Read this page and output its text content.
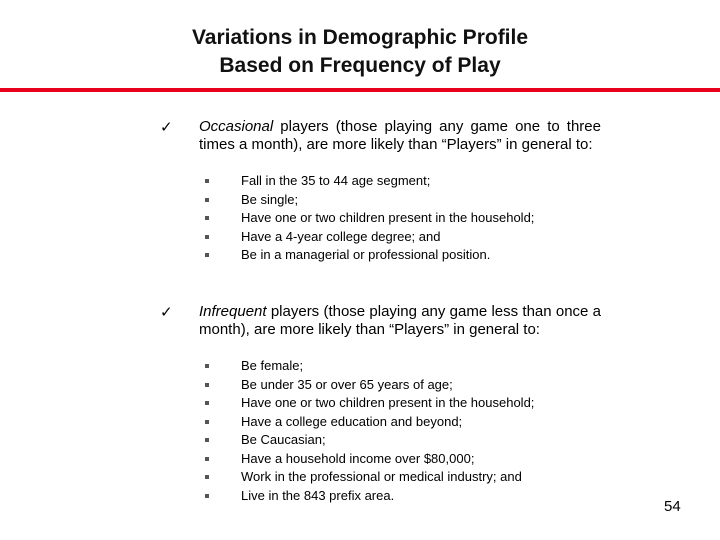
Variations in Demographic Profile
Based on Frequency of Play
✓ Occasional players (those playing any game one to three times a month), are more likely than “Players” in general to:
Fall in the 35 to 44 age segment;
Be single;
Have one or two children present in the household;
Have a 4-year college degree; and
Be in a managerial or professional position.
✓ Infrequent players (those playing any game less than once a month), are more likely than “Players” in general to:
Be female;
Be under 35 or over 65 years of age;
Have one or two children present in the household;
Have a college education and beyond;
Be Caucasian;
Have a household income over $80,000;
Work in the professional or medical industry; and
Live in the 843 prefix area.
54
